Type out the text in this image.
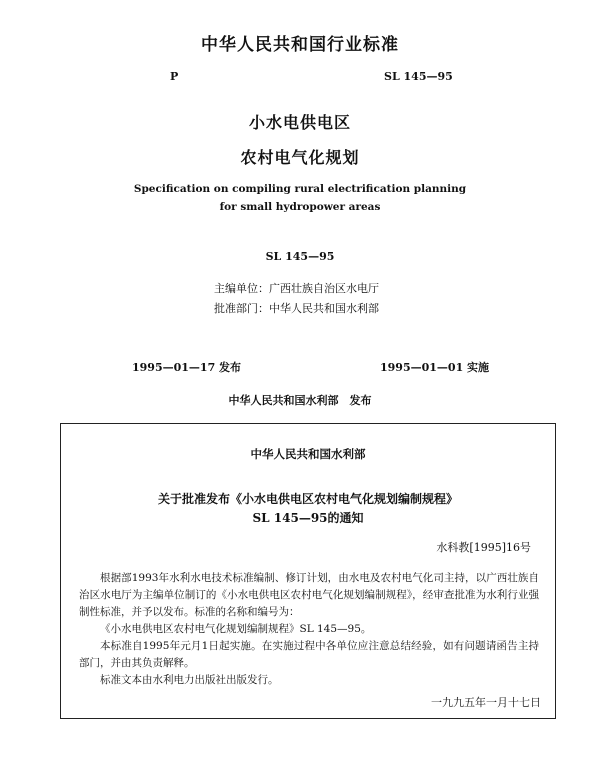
中华人民共和国行业标准
P	SL 145—95
小水电供电区
农村电气化规划
Specification on compiling rural electrification planning
for small hydropower areas
SL 145—95
主编单位：广西壮族自治区水电厅
批准部门：中华人民共和国水利部
1995—01—17 发布	1995—01—01 实施
中华人民共和国水利部　发布
中华人民共和国水利部
关于批准发布《小水电供电区农村电气化规划编制规程》
SL 145—95的通知
水科教[1995]16号

根据部1993年水利水电技术标准编制、修订计划，由水电及农村电气化司主持，以广西壮族自治区水电厅为主编单位制订的《小水电供电区农村电气化规划编制规程》，经审查批准为水利行业强制性标准，并予以发布。标准的名称和编号为：

《小水电供电区农村电气化规划编制规程》SL 145—95。

本标准自1995年元月1日起实施。在实施过程中各单位应注意总结经验，如有问题请函告主持部门，并由其负责解释。

标准文本由水利电力出版社出版发行。

一九九五年一月十七日
